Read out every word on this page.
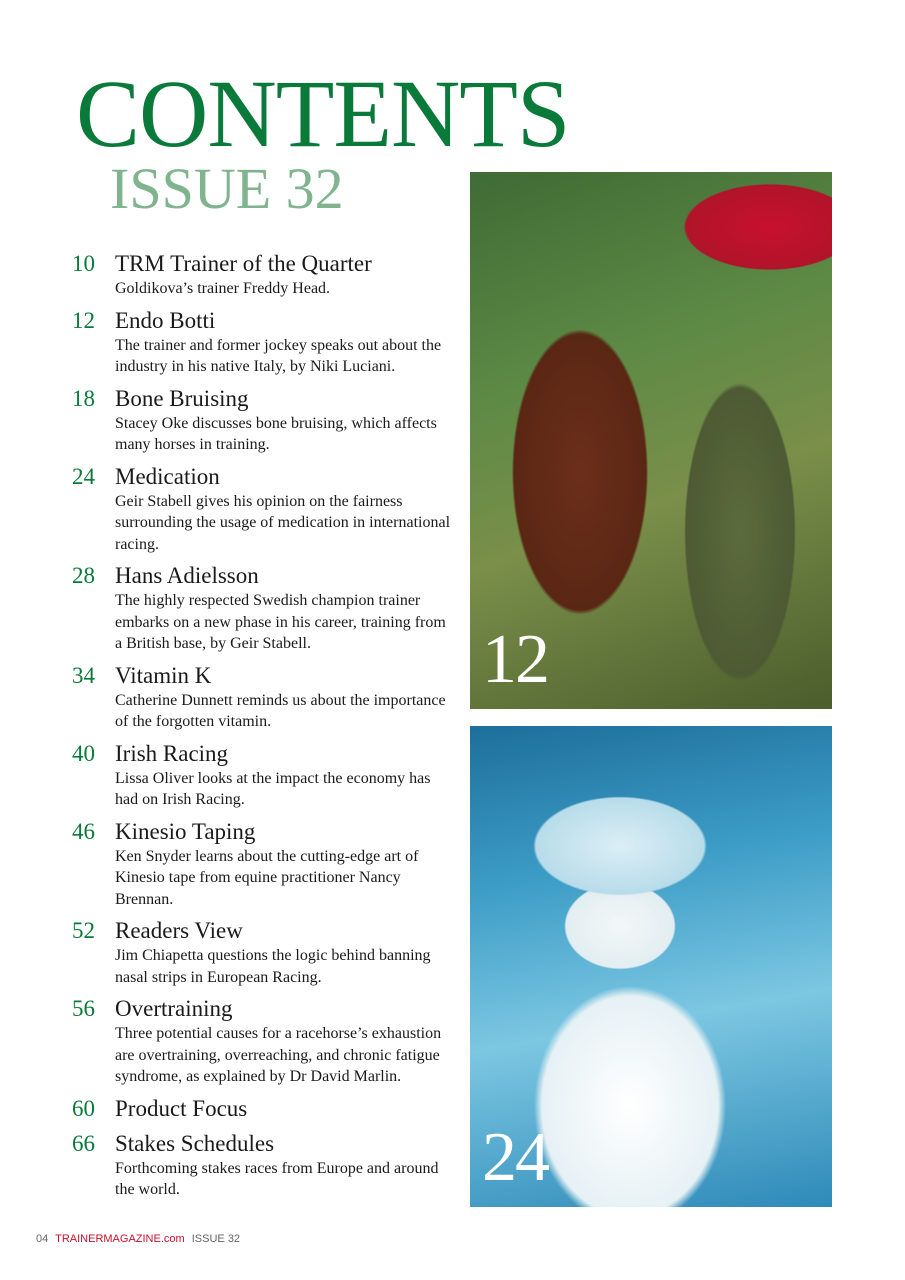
CONTENTS
ISSUE 32
10 TRM Trainer of the Quarter
Goldikova’s trainer Freddy Head.
12 Endo Botti
The trainer and former jockey speaks out about the industry in his native Italy, by Niki Luciani.
18 Bone Bruising
Stacey Oke discusses bone bruising, which affects many horses in training.
24 Medication
Geir Stabell gives his opinion on the fairness surrounding the usage of medication in international racing.
28 Hans Adielsson
The highly respected Swedish champion trainer embarks on a new phase in his career, training from a British base, by Geir Stabell.
34 Vitamin K
Catherine Dunnett reminds us about the importance of the forgotten vitamin.
40 Irish Racing
Lissa Oliver looks at the impact the economy has had on Irish Racing.
46 Kinesio Taping
Ken Snyder learns about the cutting-edge art of Kinesio tape from equine practitioner Nancy Brennan.
52 Readers View
Jim Chiapetta questions the logic behind banning nasal strips in European Racing.
56 Overtraining
Three potential causes for a racehorse’s exhaustion are overtraining, overreaching, and chronic fatigue syndrome, as explained by Dr David Marlin.
60 Product Focus
66 Stakes Schedules
Forthcoming stakes races from Europe and around the world.
12
24
04 TRAINERMAGAZINE.com ISSUE 32
